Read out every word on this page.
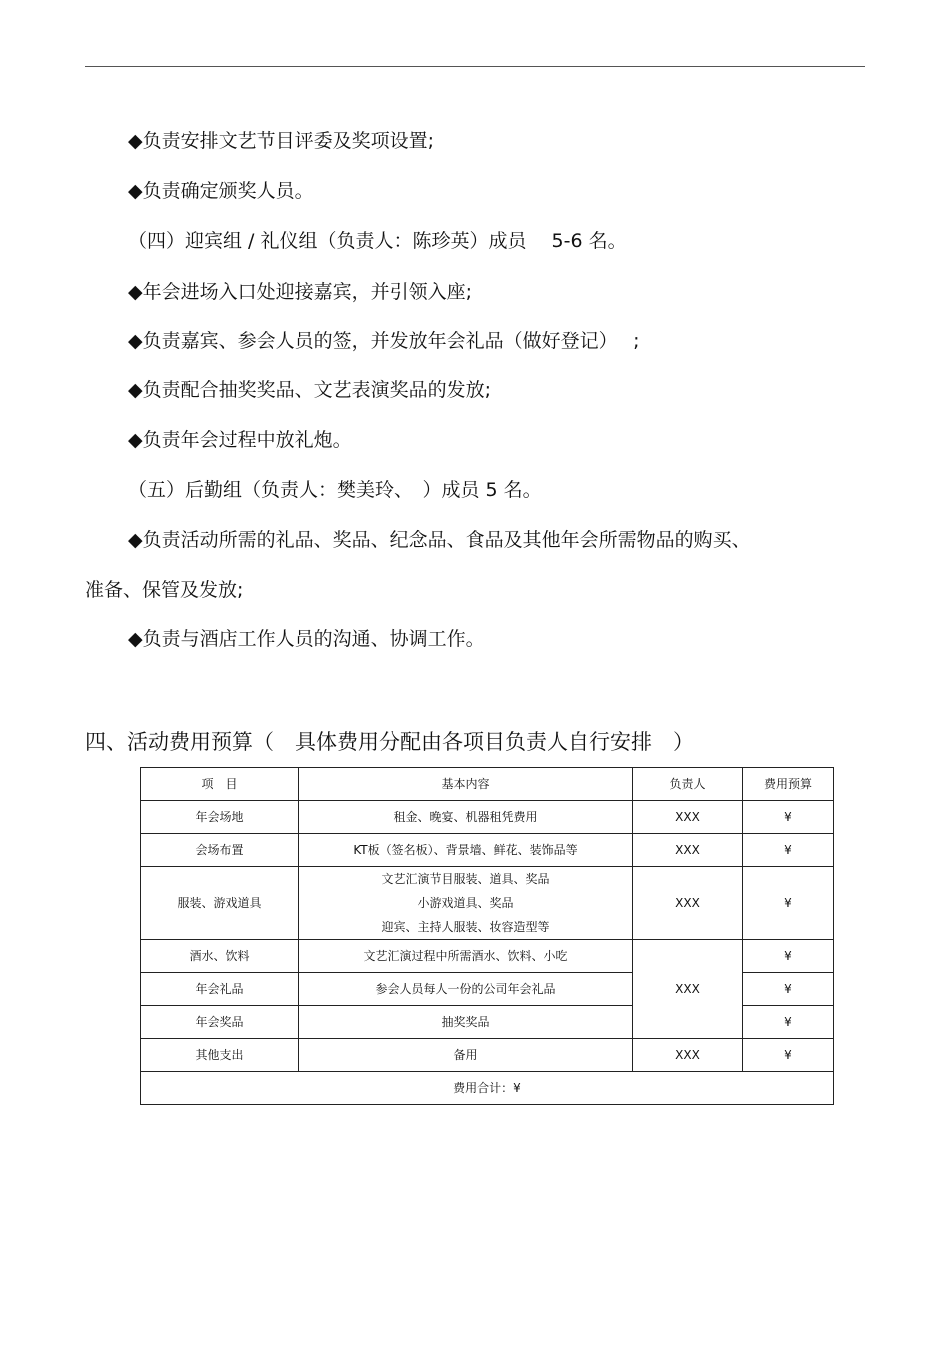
◆负责安排文艺节目评委及奖项设置;
◆负责确定颁奖人员。
（四）迎宾组 / 礼仪组（负责人：陈珍英）成员　 5-6 名。
◆年会进场入口处迎接嘉宾，并引领入座;
◆负责嘉宾、参会人员的签，并发放年会礼品（做好登记）　 ;
◆负责配合抽奖奖品、文艺表演奖品的发放;
◆负责年会过程中放礼炮。
（五）后勤组（负责人：樊美玲、　）成员 5 名。
◆负责活动所需的礼品、奖品、纪念品、食品及其他年会所需物品的购买、
准备、保管及发放;
◆负责与酒店工作人员的沟通、协调工作。
四、活动费用预算（　具体费用分配由各项目负责人自行安排　）
项　目	基本内容	负责人	费用预算
年会场地	租金、晚宴、机器租凭费用	XXX	¥
会场布置	KT板（签名板）、背景墙、鲜花、装饰品等	XXX	¥
服装、游戏道具	文艺汇演节目服装、道具、奖品
小游戏道具、奖品
迎宾、主持人服装、妆容造型等	XXX	¥
酒水、饮料	文艺汇演过程中所需酒水、饮料、小吃	XXX	¥
年会礼品	参会人员每人一份的公司年会礼品		¥
年会奖品	抽奖奖品		¥
其他支出	备用	XXX	¥
费用合计：¥			
